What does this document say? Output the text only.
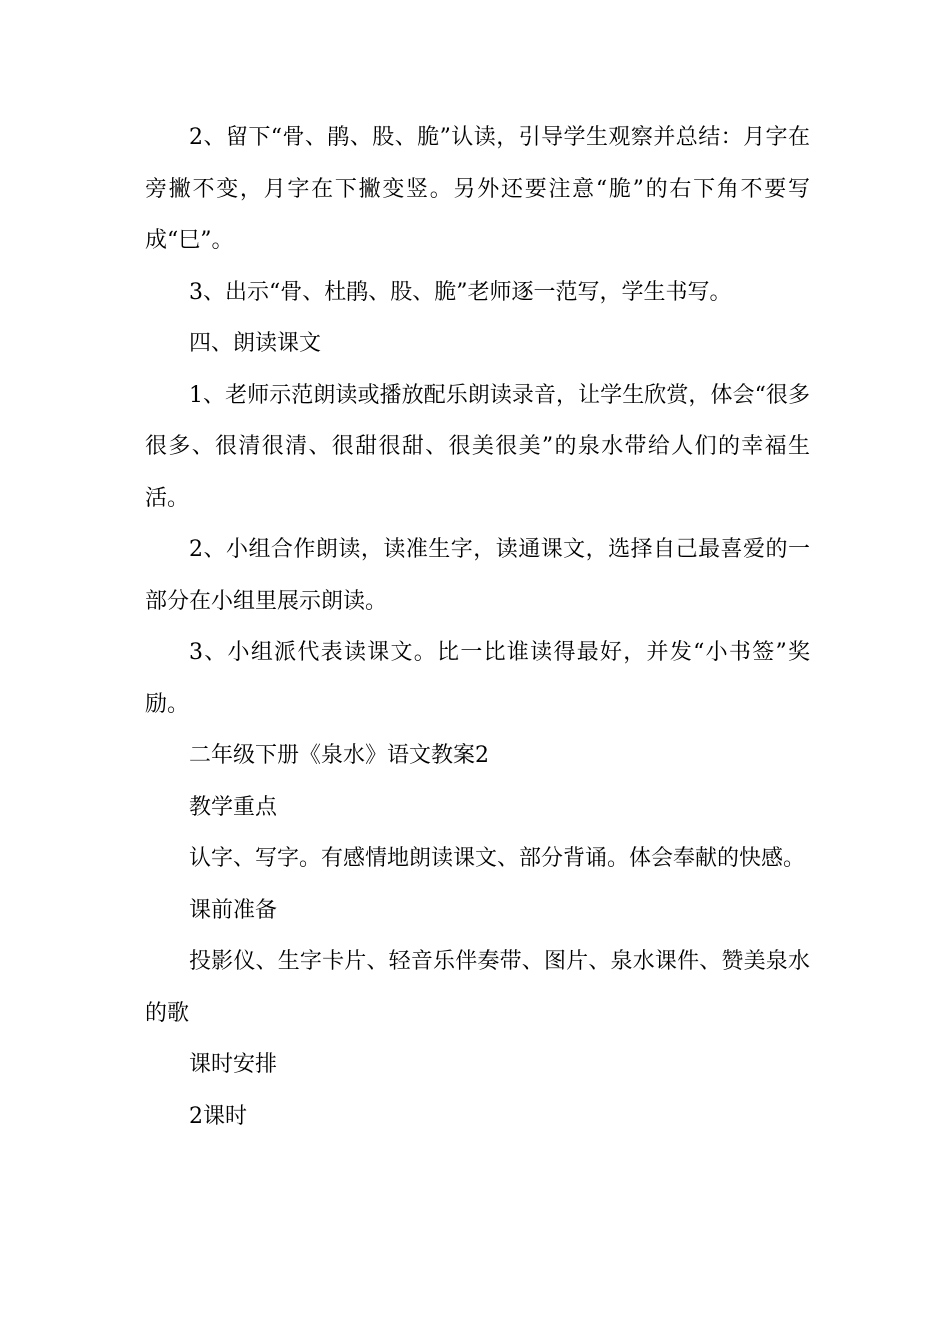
2、留下“骨、鹃、股、脆”认读，引导学生观察并总结：月字在旁撇不变，月字在下撇变竖。另外还要注意“脆”的右下角不要写成“巳”。

3、出示“骨、杜鹃、股、脆”老师逐一范写，学生书写。

四、朗读课文

1、老师示范朗读或播放配乐朗读录音，让学生欣赏，体会“很多很多、很清很清、很甜很甜、很美很美”的泉水带给人们的幸福生活。

2、小组合作朗读，读准生字，读通课文，选择自己最喜爱的一部分在小组里展示朗读。

3、小组派代表读课文。比一比谁读得最好，并发“小书签”奖励。

二年级下册《泉水》语文教案2

教学重点

认字、写字。有感情地朗读课文、部分背诵。体会奉献的快感。

课前准备

投影仪、生字卡片、轻音乐伴奏带、图片、泉水课件、赞美泉水的歌

课时安排

2课时
